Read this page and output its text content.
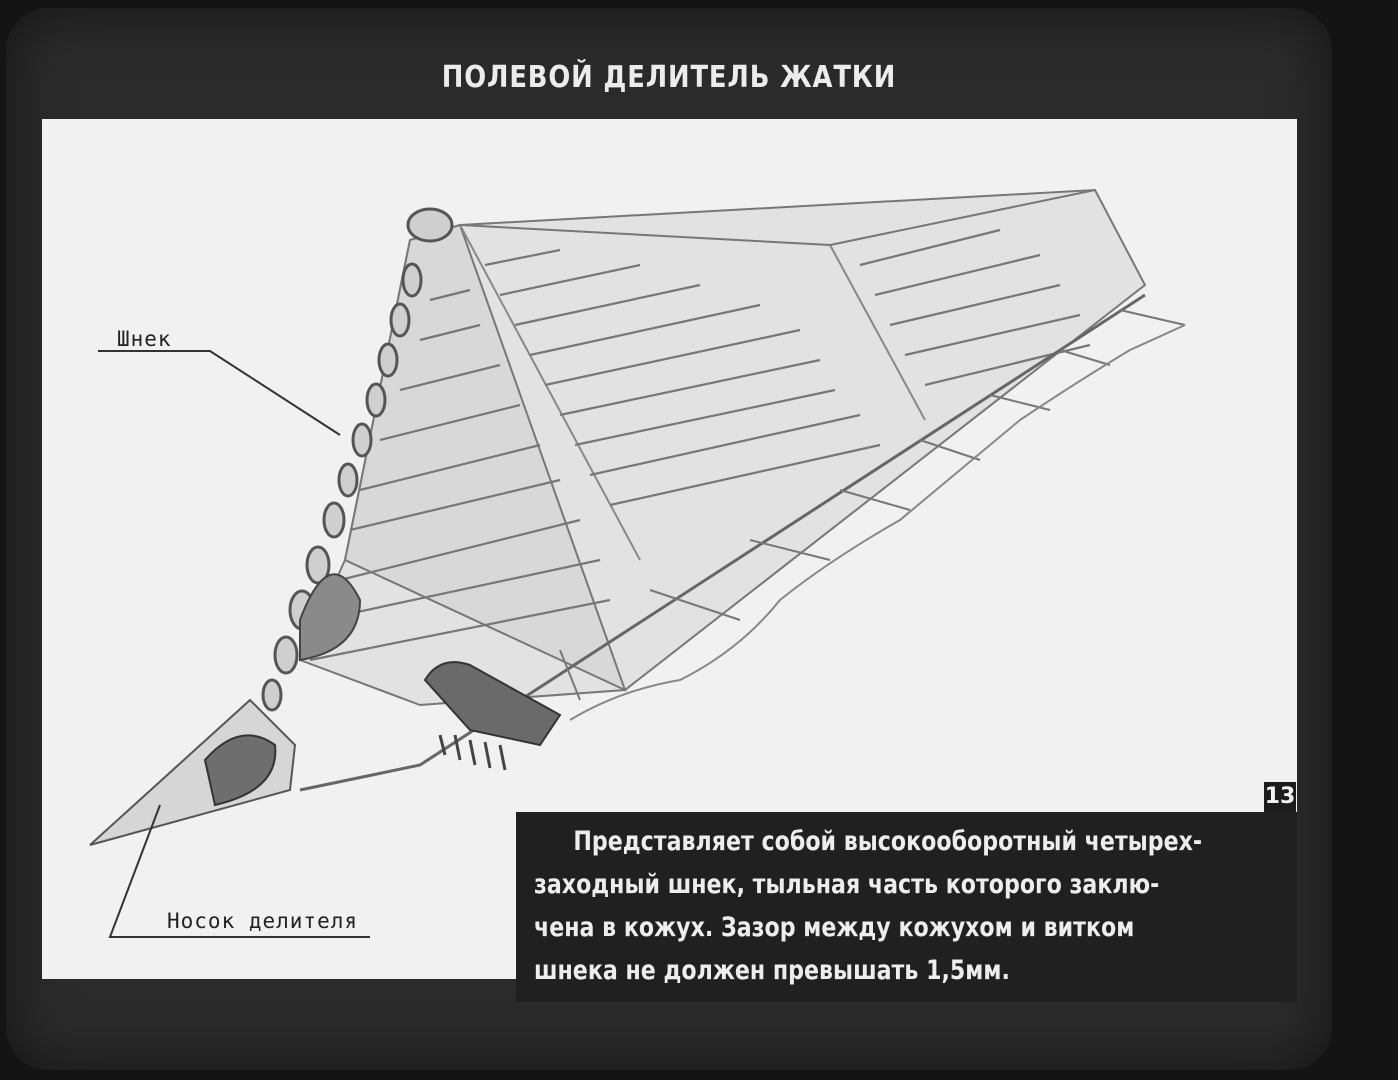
ПОЛЕВОЙ ДЕЛИТЕЛЬ ЖАТКИ
Шнек
Носок делителя
13
Представляет собой высокооборотный четырех-
заходный шнек, тыльная часть которого заклю-
чена в кожух. Зазор между кожухом и витком
шнека не должен превышать 1,5мм.
